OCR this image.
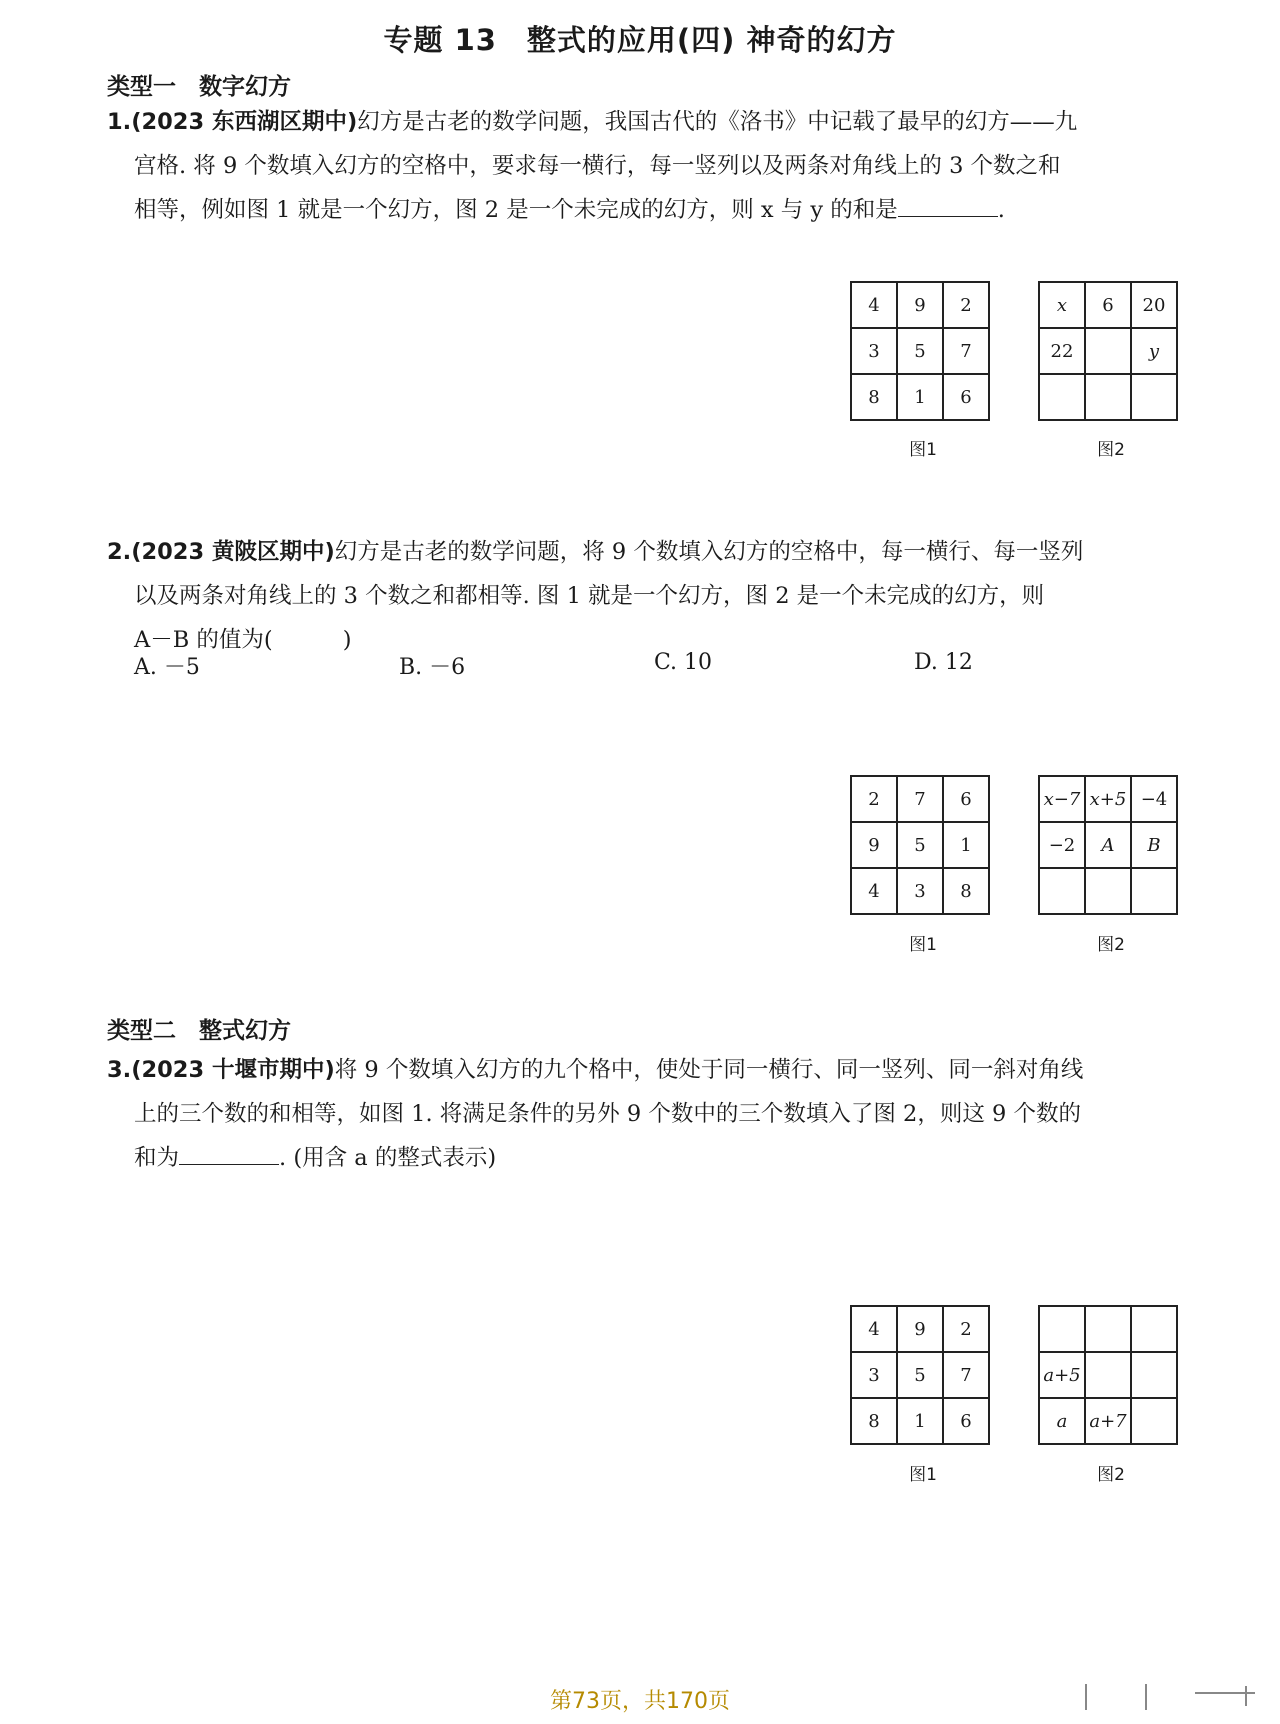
专题 13　整式的应用(四) 神奇的幻方
类型一　数字幻方
1.(2023 东西湖区期中)幻方是古老的数学问题，我国古代的《洛书》中记载了最早的幻方——九
宫格. 将 9 个数填入幻方的空格中，要求每一横行，每一竖列以及两条对角线上的 3 个数之和
相等，例如图 1 就是一个幻方，图 2 是一个未完成的幻方，则 x 与 y 的和是	.
类型二　整式幻方
2.(2023 黄陂区期中)幻方是古老的数学问题，将 9 个数填入幻方的空格中，每一横行、每一竖列
以及两条对角线上的 3 个数之和都相等. 图 1 就是一个幻方，图 2 是一个未完成的幻方，则
A－B 的值为(	)
A. －5	B. －6	C. 10	D. 12
3.(2023 十堰市期中)将 9 个数填入幻方的九个格中，使处于同一横行、同一竖列、同一斜对角线
上的三个数的和相等，如图 1. 将满足条件的另外 9 个数中的三个数填入了图 2，则这 9 个数的
和为	. (用含 a 的整式表示)
4	9	2
3	5	7
8	1	6
图1
x	6	20
22		y

图2
2	7	6
9	5	1
4	3	8
图1
x−7	x+5	−4
−2	A	B

图2
4	9	2
3	5	7
8	1	6
图1

a+5		
a	a+7	
图2
第73页，共170页
